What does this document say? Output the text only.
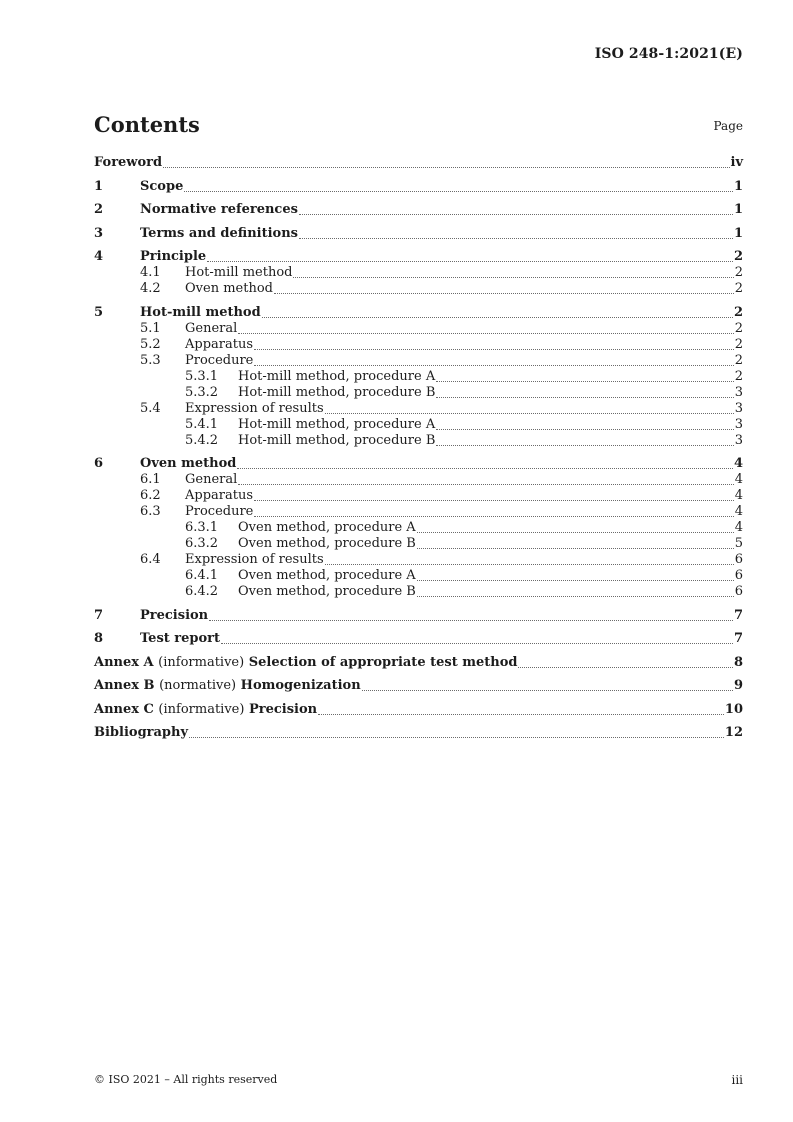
ISO 248-1:2021(E)
Contents	Page
Foreword	iv
1	Scope	1
2	Normative references	1
3	Terms and definitions	1
4	Principle	2
4.1	Hot-mill method	2
4.2	Oven method	2
5	Hot-mill method	2
5.1	General	2
5.2	Apparatus	2
5.3	Procedure	2
5.3.1	Hot-mill method, procedure A	2
5.3.2	Hot-mill method, procedure B	3
5.4	Expression of results	3
5.4.1	Hot-mill method, procedure A	3
5.4.2	Hot-mill method, procedure B	3
6	Oven method	4
6.1	General	4
6.2	Apparatus	4
6.3	Procedure	4
6.3.1	Oven method, procedure A	4
6.3.2	Oven method, procedure B	5
6.4	Expression of results	6
6.4.1	Oven method, procedure A	6
6.4.2	Oven method, procedure B	6
7	Precision	7
8	Test report	7
Annex A (informative) Selection of appropriate test method	8
Annex B (normative) Homogenization	9
Annex C (informative) Precision	10
Bibliography	12
© ISO 2021 – All rights reserved	iii
